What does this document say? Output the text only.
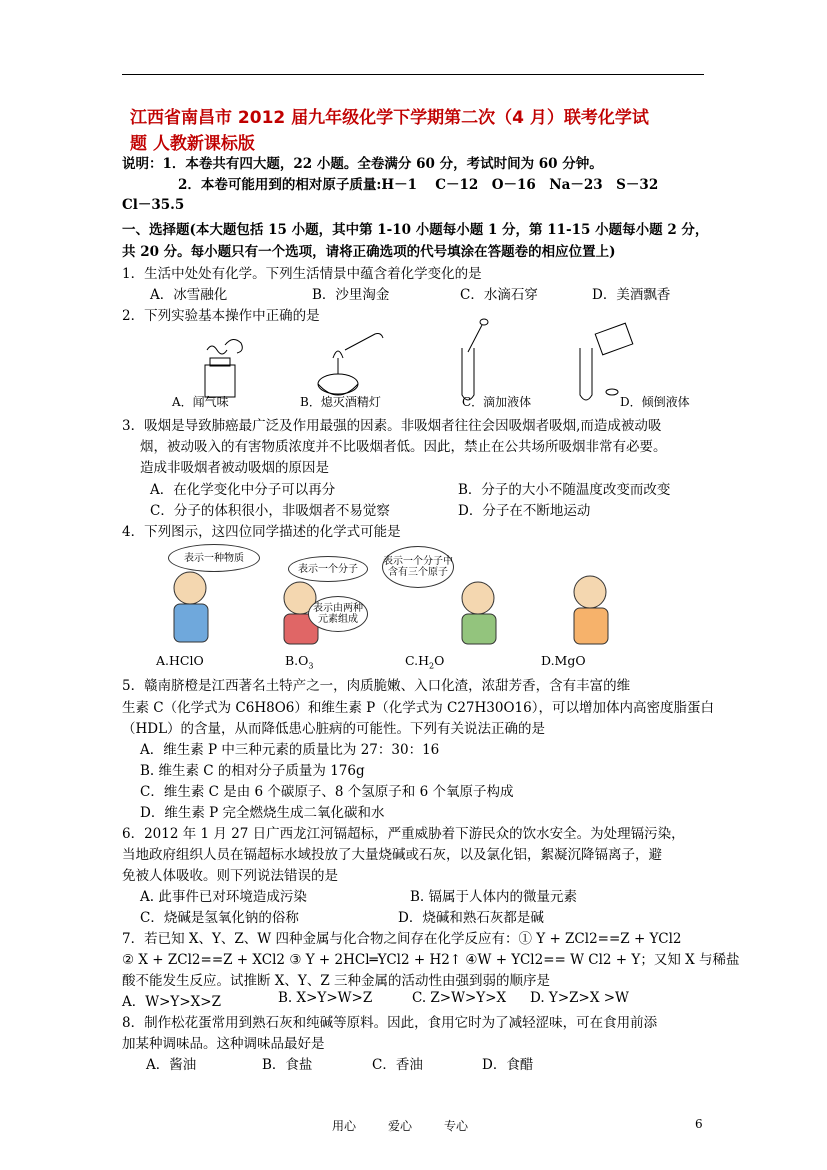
江西省南昌市 2012 届九年级化学下学期第二次（4 月）联考化学试
题 人教新课标版
说明：1．本卷共有四大题，22 小题。全卷满分 60 分，考试时间为 60 分钟。
2．本卷可能用到的相对原子质量:H－1　 C－12　O－16　Na－23　S－32
Cl－35.5
一、选择题(本大题包括 15 小题，其中第 1-10 小题每小题 1 分，第 11-15 小题每小题 2 分，
共 20 分。每小题只有一个选项，请将正确选项的代号填涂在答题卷的相应位置上)
1．生活中处处有化学。下列生活情景中蕴含着化学变化的是
A．冰雪融化	B．沙里淘金	C．水滴石穿	D．美酒飘香
2．下列实验基本操作中正确的是
A．闻气味	B．熄灭酒精灯	C．滴加液体	D．倾倒液体
3．吸烟是导致肺癌最广泛及作用最强的因素。非吸烟者往往会因吸烟者吸烟,而造成被动吸
烟，被动吸入的有害物质浓度并不比吸烟者低。因此，禁止在公共场所吸烟非常有必要。
造成非吸烟者被动吸烟的原因是
A．在化学变化中分子可以再分	B．分子的大小不随温度改变而改变
C．分子的体积很小，非吸烟者不易觉察	D．分子在不断地运动
4．下列图示，这四位同学描述的化学式可能是
表示一种物质
表示一个分子
表示由两种元素组成
表示一个分子中含有三个原子
A.HClO	$B.O_3$	$C.H_2O$	D.MgO
5．赣南脐橙是江西著名土特产之一，肉质脆嫩、入口化渣，浓甜芳香，含有丰富的维
生素 C（化学式为 C6H8O6）和维生素 P（化学式为 C27H30O16），可以增加体内高密度脂蛋白
（HDL）的含量，从而降低患心脏病的可能性。下列有关说法正确的是
A．维生素 P 中三种元素的质量比为 27：30：16
B. 维生素 C 的相对分子质量为 176g
C．维生素 C 是由 6 个碳原子、8 个氢原子和 6 个氧原子构成
D．维生素 P 完全燃烧生成二氧化碳和水
6．2012 年 1 月 27 日广西龙江河镉超标，严重威胁着下游民众的饮水安全。为处理镉污染，
当地政府组织人员在镉超标水域投放了大量烧碱或石灰，以及氯化铝，絮凝沉降镉离子，避
免被人体吸收。则下列说法错误的是
A. 此事件已对环境造成污染	B. 镉属于人体内的微量元素
C．烧碱是氢氧化钠的俗称	D．烧碱和熟石灰都是碱
7．若已知 X、Y、Z、W 四种金属与化合物之间存在化学反应有：① Y + ZCl2==Z + YCl2
② X + ZCl2==Z + XCl2 ③ Y + 2HCl═YCl2 + H2↑ ④W + YCl2== W Cl2 + Y；又知 X 与稀盐
酸不能发生反应。试推断 X、Y、Z 三种金属的活动性由强到弱的顺序是
A．W>Y>X>Z	B. X>Y>W>Z	C. Z>W>Y>X D. Y>Z>X >W
8．制作松花蛋常用到熟石灰和纯碱等原料。因此，食用它时为了减轻涩味，可在食用前添
加某种调味品。这种调味品最好是
A．酱油	B．食盐	C．香油	D．食醋
用心	爱心	专心	6
